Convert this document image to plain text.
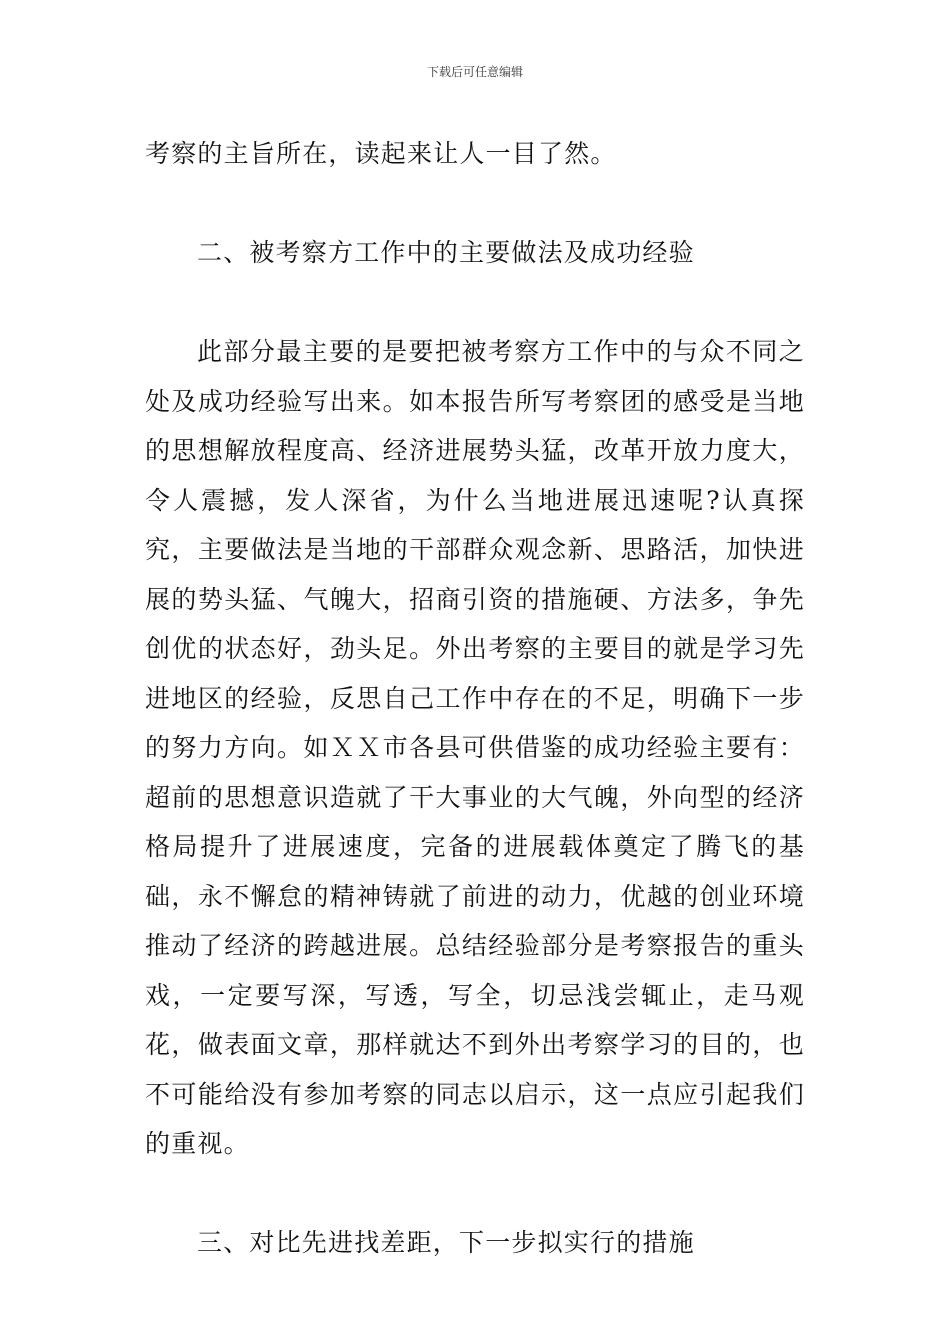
下载后可任意编辑

考察的主旨所在，读起来让人一目了然。

二、被考察方工作中的主要做法及成功经验

此部分最主要的是要把被考察方工作中的与众不同之处及成功经验写出来。如本报告所写考察团的感受是当地的思想解放程度高、经济进展势头猛，改革开放力度大，令人震撼，发人深省，为什么当地进展迅速呢?认真探究，主要做法是当地的干部群众观念新、思路活，加快进展的势头猛、气魄大，招商引资的措施硬、方法多，争先创优的状态好，劲头足。外出考察的主要目的就是学习先进地区的经验，反思自己工作中存在的不足，明确下一步的努力方向。如ＸＸ市各县可供借鉴的成功经验主要有：超前的思想意识造就了干大事业的大气魄，外向型的经济格局提升了进展速度，完备的进展载体奠定了腾飞的基础，永不懈怠的精神铸就了前进的动力，优越的创业环境推动了经济的跨越进展。总结经验部分是考察报告的重头戏，一定要写深，写透，写全，切忌浅尝辄止，走马观花，做表面文章，那样就达不到外出考察学习的目的，也不可能给没有参加考察的同志以启示，这一点应引起我们的重视。

三、对比先进找差距，下一步拟实行的措施
